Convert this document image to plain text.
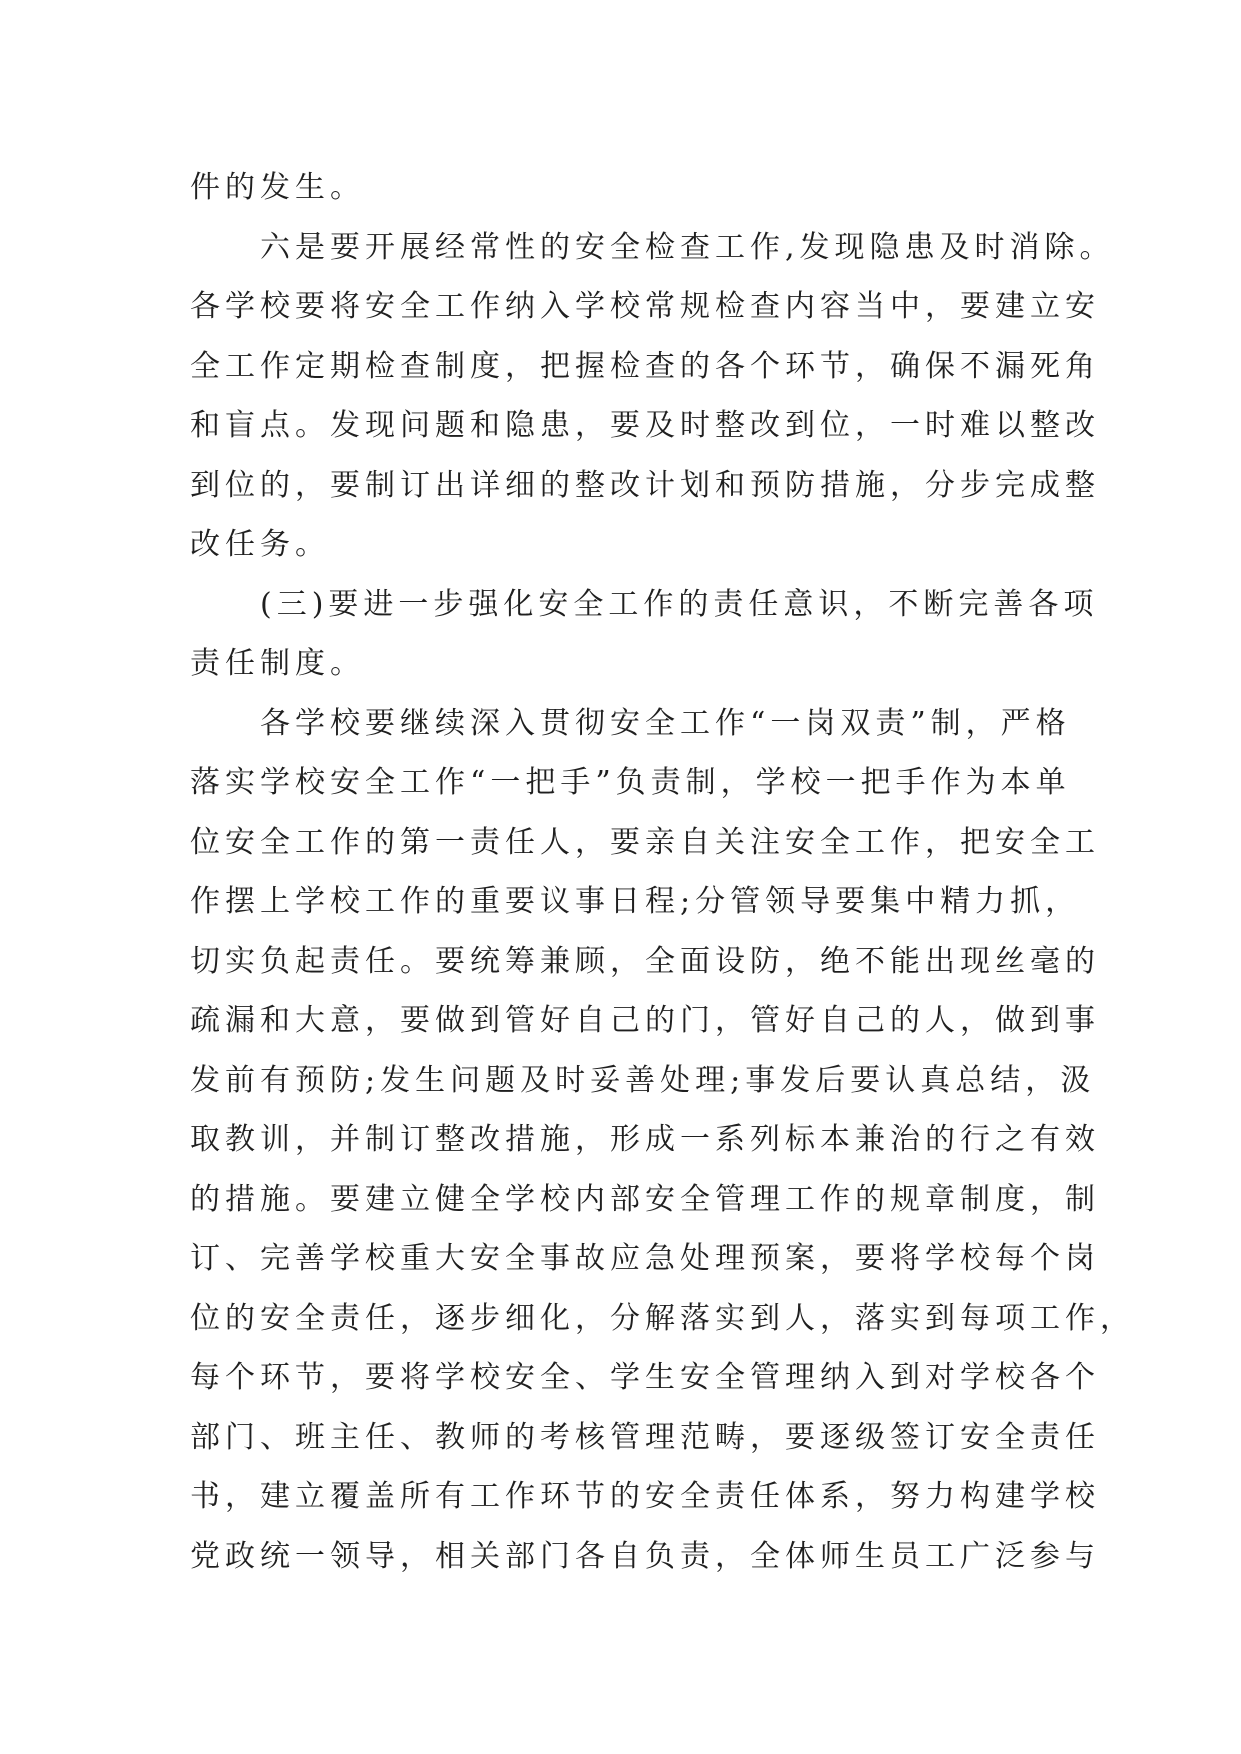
件的发生。

六是要开展经常性的安全检查工作,发现隐患及时消除。

各学校要将安全工作纳入学校常规检查内容当中，要建立安

全工作定期检查制度，把握检查的各个环节，确保不漏死角

和盲点。发现问题和隐患，要及时整改到位，一时难以整改

到位的，要制订出详细的整改计划和预防措施，分步完成整

改任务。

(三)要进一步强化安全工作的责任意识，不断完善各项

责任制度。

各学校要继续深入贯彻安全工作“一岗双责”制，严格

落实学校安全工作“一把手”负责制，学校一把手作为本单

位安全工作的第一责任人，要亲自关注安全工作，把安全工

作摆上学校工作的重要议事日程;分管领导要集中精力抓，

切实负起责任。要统筹兼顾，全面设防，绝不能出现丝毫的

疏漏和大意，要做到管好自己的门，管好自己的人，做到事

发前有预防;发生问题及时妥善处理;事发后要认真总结，汲

取教训，并制订整改措施，形成一系列标本兼治的行之有效

的措施。要建立健全学校内部安全管理工作的规章制度，制

订、完善学校重大安全事故应急处理预案，要将学校每个岗

位的安全责任，逐步细化，分解落实到人，落实到每项工作，

每个环节，要将学校安全、学生安全管理纳入到对学校各个

部门、班主任、教师的考核管理范畴，要逐级签订安全责任

书，建立覆盖所有工作环节的安全责任体系，努力构建学校

党政统一领导，相关部门各自负责，全体师生员工广泛参与
